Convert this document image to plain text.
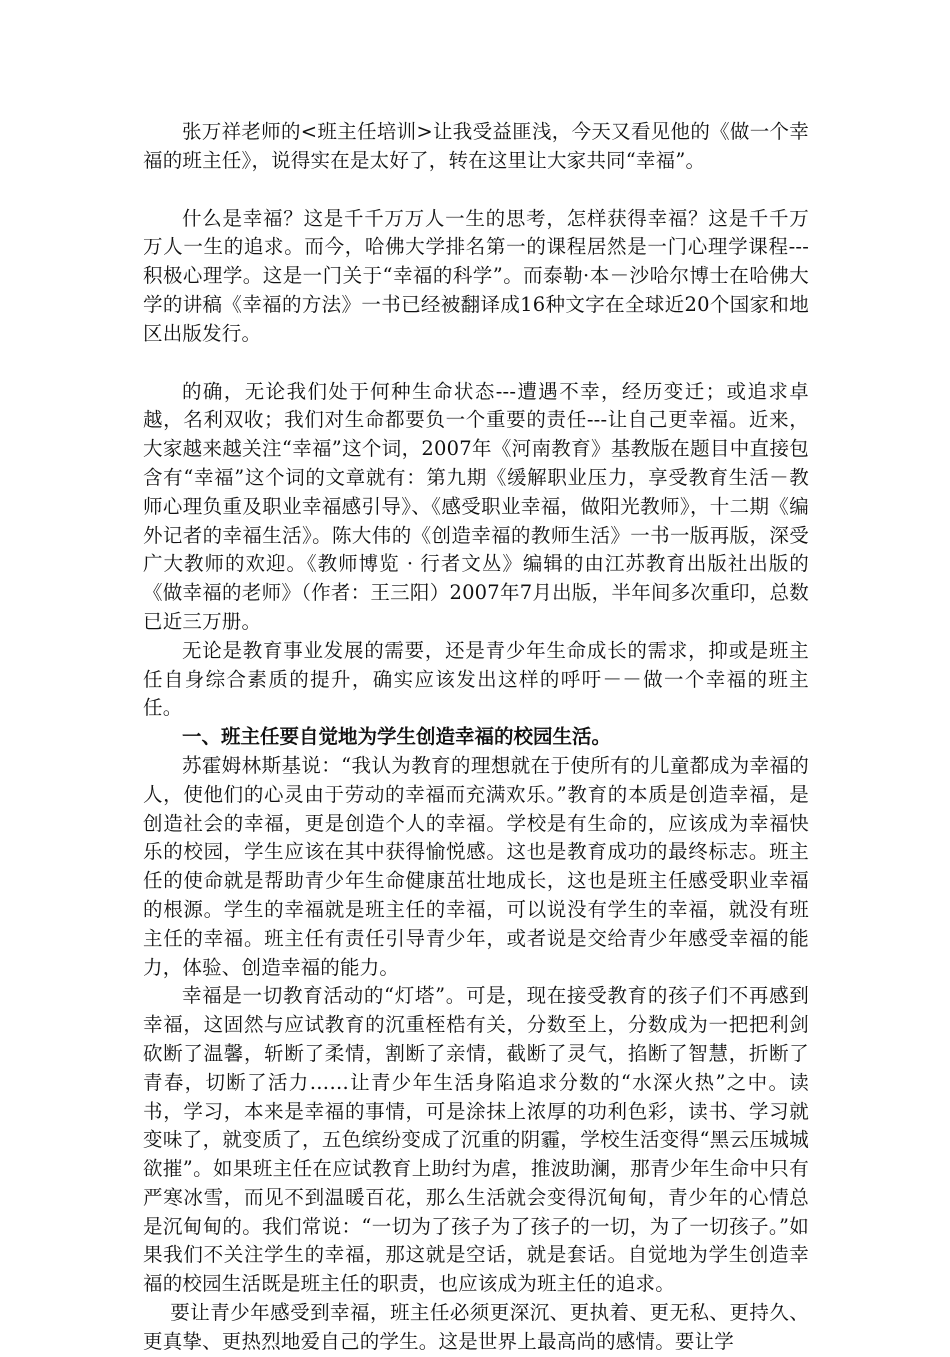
张万祥老师的<班主任培训>让我受益匪浅，今天又看见他的《做一个幸福的班主任》，说得实在是太好了，转在这里让大家共同“幸福”。

什么是幸福？这是千千万万人一生的思考，怎样获得幸福？这是千千万万人一生的追求。而今，哈佛大学排名第一的课程居然是一门心理学课程---积极心理学。这是一门关于“幸福的科学”。而泰勒·本－沙哈尔博士在哈佛大学的讲稿《幸福的方法》一书已经被翻译成16种文字在全球近20个国家和地区出版发行。

的确，无论我们处于何种生命状态---遭遇不幸，经历变迁；或追求卓越，名利双收；我们对生命都要负一个重要的责任---让自己更幸福。近来，大家越来越关注“幸福”这个词，2007年《河南教育》基教版在题目中直接包含有“幸福”这个词的文章就有：第九期《缓解职业压力，享受教育生活－教师心理负重及职业幸福感引导》、《感受职业幸福，做阳光教师》，十二期《编外记者的幸福生活》。陈大伟的《创造幸福的教师生活》一书一版再版，深受广大教师的欢迎。《教师博览 · 行者文丛》编辑的由江苏教育出版社出版的《做幸福的老师》（作者：王三阳）2007年7月出版，半年间多次重印，总数已近三万册。

无论是教育事业发展的需要，还是青少年生命成长的需求，抑或是班主任自身综合素质的提升，确实应该发出这样的呼吁－－做一个幸福的班主任。

一、班主任要自觉地为学生创造幸福的校园生活。

苏霍姆林斯基说：“我认为教育的理想就在于使所有的儿童都成为幸福的人，使他们的心灵由于劳动的幸福而充满欢乐。”教育的本质是创造幸福，是创造社会的幸福，更是创造个人的幸福。学校是有生命的，应该成为幸福快乐的校园，学生应该在其中获得愉悦感。这也是教育成功的最终标志。班主任的使命就是帮助青少年生命健康茁壮地成长，这也是班主任感受职业幸福的根源。学生的幸福就是班主任的幸福，可以说没有学生的幸福，就没有班主任的幸福。班主任有责任引导青少年，或者说是交给青少年感受幸福的能力，体验、创造幸福的能力。

幸福是一切教育活动的“灯塔”。可是，现在接受教育的孩子们不再感到幸福，这固然与应试教育的沉重桎梏有关，分数至上，分数成为一把把利剑砍断了温馨，斩断了柔情，割断了亲情，截断了灵气，掐断了智慧，折断了青春，切断了活力……让青少年生活身陷追求分数的“水深火热”之中。读书，学习，本来是幸福的事情，可是涂抹上浓厚的功利色彩，读书、学习就变味了，就变质了，五色缤纷变成了沉重的阴霾，学校生活变得“黑云压城城欲摧”。如果班主任在应试教育上助纣为虐，推波助澜，那青少年生命中只有严寒冰雪，而见不到温暖百花，那么生活就会变得沉甸甸，青少年的心情总是沉甸甸的。我们常说：“一切为了孩子为了孩子的一切，为了一切孩子。”如果我们不关注学生的幸福，那这就是空话，就是套话。自觉地为学生创造幸福的校园生活既是班主任的职责，也应该成为班主任的追求。

要让青少年感受到幸福，班主任必须更深沉、更执着、更无私、更持久、更真挚、更热烈地爱自己的学生。这是世界上最高尚的感情。要让学
